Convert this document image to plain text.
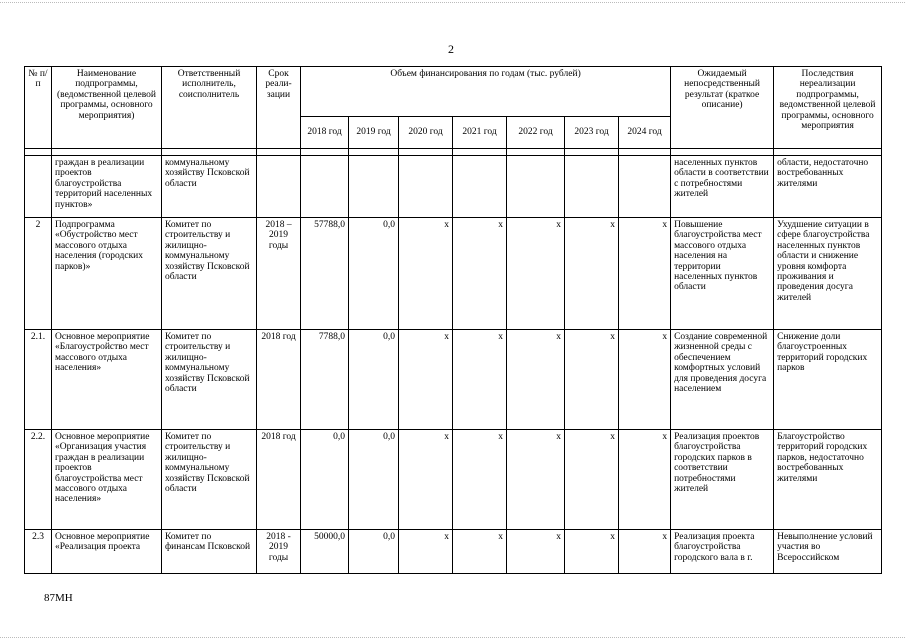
2
№ п/п	Наименование подпрограммы, (ведомственной целевой программы, основного мероприятия)	Ответственный исполнитель, соисполнитель	Срок реали-зации	Объем финансирования по годам (тыс. рублей)							Ожидаемый непосредственный результат (краткое описание)	Последствия нереализации подпрограммы, ведомственной целевой программы, основного мероприятия
				2018 год	2019 год	2020 год	2021 год	2022 год	2023 год	2024 год		

	граждан в реализации проектов благоустройства территорий населенных пунктов»	коммунальному хозяйству Псковской области									населенных пунктов области в соответствии с потребностями жителей	области, недостаточно востребованных жителями
2	Подпрограмма «Обустройство мест массового отдыха населения (городских парков)»	Комитет по строительству и жилищно-коммунальному хозяйству Псковской области	2018 – 2019 годы	57788,0	0,0	x	x	x	x	x	Повышение благоустройства мест массового отдыха населения на территории населенных пунктов области	Ухудшение ситуации в сфере благоустройства населенных пунктов области и снижение уровня комфорта проживания и проведения досуга жителей
2.1.	Основное мероприятие «Благоустройство мест массового отдыха населения»	Комитет по строительству и жилищно-коммунальному хозяйству Псковской области	2018 год	7788,0	0,0	x	x	x	x	x	Создание современной жизненной среды с обеспечением комфортных условий для проведения досуга населением	Снижение доли благоустроенных территорий городских парков
2.2.	Основное мероприятие «Организация участия граждан в реализации проектов благоустройства мест массового отдыха населения»	Комитет по строительству и жилищно-коммунальному хозяйству Псковской области	2018 год	0,0	0,0	x	x	x	x	x	Реализация проектов благоустройства городских парков в соответствии потребностями жителей	Благоустройство территорий городских парков, недостаточно востребованных жителями
2.3	Основное мероприятие «Реализация проекта	Комитет по финансам Псковской	2018 - 2019 годы	50000,0	0,0	x	x	x	x	x	Реализация проекта благоустройства городского вала в г.	Невыполнение условий участия во Всероссийском
87МН
